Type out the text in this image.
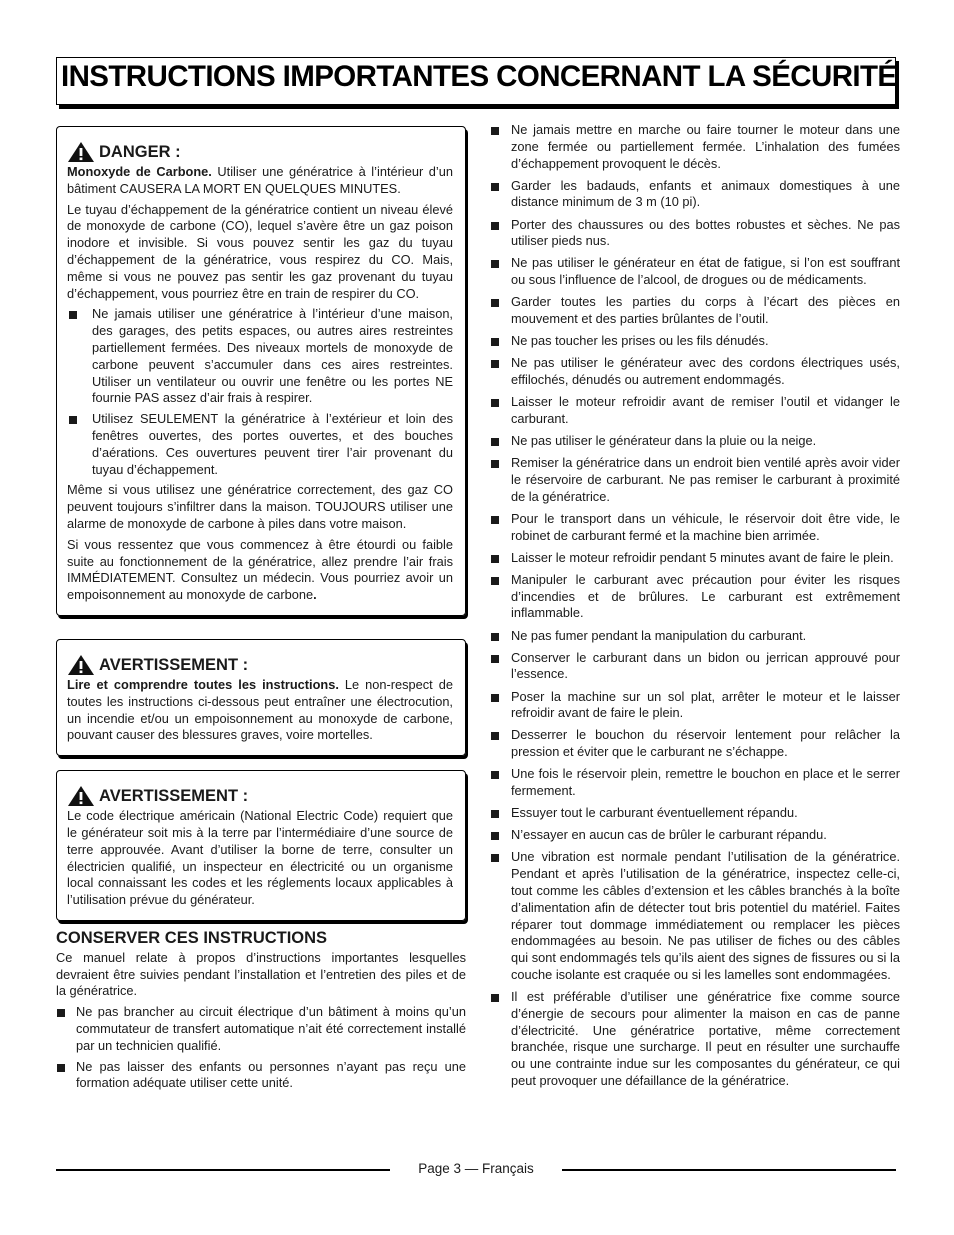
INSTRUCTIONS IMPORTANTES CONCERNANT LA SÉCURITÉ
DANGER :

Monoxyde de Carbone. Utiliser une génératrice à l’intérieur d’un bâtiment CAUSERA LA MORT EN QUELQUES MINUTES.

Le tuyau d’échappement de la génératrice contient un niveau élevé de monoxyde de carbone (CO), lequel s’avère être un gaz poison inodore et invisible. Si vous pouvez sentir les gaz du tuyau d’échappement de la génératrice, vous respirez du CO. Mais, même si vous ne pouvez pas sentir les gaz provenant du tuyau d’échappement, vous pourriez être en train de respirer du CO.

Ne jamais utiliser une génératrice à l’intérieur d’une maison, des garages, des petits espaces, ou autres aires restreintes partiellement fermées. Des niveaux mortels de monoxyde de carbone peuvent s’accumuler dans ces aires restreintes. Utiliser un ventilateur ou ouvrir une fenêtre ou les portes NE fournie PAS assez d’air frais à respirer.
Utilisez SEULEMENT la génératrice à l’extérieur et loin des fenêtres ouvertes, des portes ouvertes, et des bouches d’aérations. Ces ouvertures peuvent tirer l’air provenant du tuyau d’échappement.

Même si vous utilisez une génératrice correctement, des gaz CO peuvent toujours s’infiltrer dans la maison. TOUJOURS utiliser une alarme de monoxyde de carbone à piles dans votre maison.

Si vous ressentez que vous commencez à être étourdi ou faible suite au fonctionnement de la génératrice, allez prendre l’air frais IMMÉDIATEMENT. Consultez un médecin. Vous pourriez avoir un empoisonnement au monoxyde de carbone.

AVERTISSEMENT :

Lire et comprendre toutes les instructions. Le non-respect de toutes les instructions ci-dessous peut entraîner une électrocution, un incendie et/ou un empoisonnement au monoxyde de carbone, pouvant causer des blessures graves, voire mortelles.

AVERTISSEMENT :

Le code électrique américain (National Electric Code) requiert que le générateur soit mis à la terre par l’intermédiaire d’une source de terre approuvée. Avant d’utiliser la borne de terre, consulter un électricien qualifié, un inspecteur en électricité ou un organisme local connaissant les codes et les réglements locaux applicables à l’utilisation prévue du générateur.

CONSERVER CES INSTRUCTIONS

Ce manuel relate à propos d’instructions importantes lesquelles devraient être suivies pendant l’installation et l’entretien des piles et de la génératrice.

Ne pas brancher au circuit électrique d’un bâtiment à moins qu’un commutateur de transfert automatique n’ait été correctement installé par un technicien qualifié.
Ne pas laisser des enfants ou personnes n’ayant pas reçu une formation adéquate utiliser cette unité.
Ne jamais mettre en marche ou faire tourner le moteur dans une zone fermée ou partiellement fermée. L’inhalation des fumées d’échappement provoquent le décès.
Garder les badauds, enfants et animaux domestiques à une distance minimum de 3 m (10 pi).
Porter des chaussures ou des bottes robustes et sèches. Ne pas utiliser pieds nus.
Ne pas utiliser le générateur en état de fatigue, si l’on est souffrant ou sous l’influence de l’alcool, de drogues ou de médicaments.
Garder toutes les parties du corps à l’écart des pièces en mouvement et des parties brûlantes de l’outil.
Ne pas toucher les prises ou les fils dénudés.
Ne pas utiliser le générateur avec des cordons électriques usés, effilochés, dénudés ou autrement endommagés.
Laisser le moteur refroidir avant de remiser l’outil et vidanger le carburant.
Ne pas utiliser le générateur dans la pluie ou la neige.
Remiser la génératrice dans un endroit bien ventilé après avoir vider le réservoire de carburant. Ne pas remiser le carburant à proximité de la génératrice.
Pour le transport dans un véhicule, le réservoir doit être vide, le robinet de carburant fermé et la machine bien arrimée.
Laisser le moteur refroidir pendant 5 minutes avant de faire le plein.
Manipuler le carburant avec précaution pour éviter les risques d’incendies et de brûlures. Le carburant est extrêmement inflammable.
Ne pas fumer pendant la manipulation du carburant.
Conserver le carburant dans un bidon ou jerrican approuvé pour l’essence.
Poser la machine sur un sol plat, arrêter le moteur et le laisser refroidir avant de faire le plein.
Desserrer le bouchon du réservoir lentement pour relâcher la pression et éviter que le carburant ne s’échappe.
Une fois le réservoir plein, remettre le bouchon en place et le serrer fermement.
Essuyer tout le carburant éventuellement répandu.
N’essayer en aucun cas de brûler le carburant répandu.
Une vibration est normale pendant l’utilisation de la génératrice. Pendant et après l’utilisation de la génératrice, inspectez celle-ci, tout comme les câbles d’extension et les câbles branchés à la boîte d’alimentation afin de détecter tout bris potentiel du matériel. Faites réparer tout dommage immédiatement ou remplacer les pièces endommagées au besoin. Ne pas utiliser de fiches ou des câbles qui sont endommagés tels qu’ils aient des signes de fissures ou si la couche isolante est craquée ou si les lamelles sont endommagées.
Il est préférable d’utiliser une génératrice fixe comme source d’énergie de secours pour alimenter la maison en cas de panne d’électricité. Une génératrice portative, même correctement branchée, risque une surcharge. Il peut en résulter une surchauffe ou une contrainte indue sur les composantes du générateur, ce qui peut provoquer une défaillance de la génératrice.
Page 3 — Français
